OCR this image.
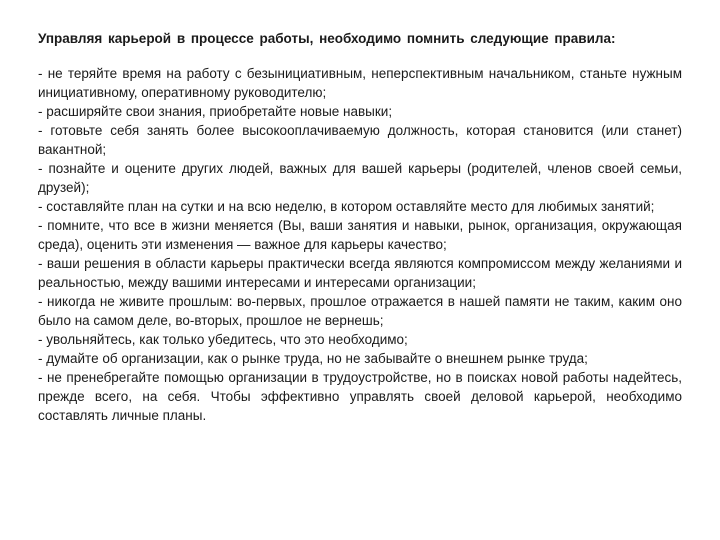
Управляя карьерой в процессе работы, необходимо помнить следующие правила:

- не теряйте время на работу с безынициативным, неперспективным начальником, станьте нужным инициативному, оперативному руководителю;
- расширяйте свои знания, приобретайте новые навыки;
- готовьте себя занять более высокооплачиваемую должность, которая становится (или станет) вакантной;
- познайте и оцените других людей, важных для вашей карьеры (родителей, членов своей семьи, друзей);
- составляйте план на сутки и на всю неделю, в котором оставляйте место для любимых занятий;
- помните, что все в жизни меняется (Вы, ваши занятия и навыки, рынок, организация, окружающая среда), оценить эти изменения — важное для карьеры качество;
- ваши решения в области карьеры практически всегда являются компромиссом между желаниями и реальностью, между вашими интересами и интересами организации;
- никогда не живите прошлым: во-первых, прошлое отражается в нашей памяти не таким, каким оно было на самом деле, во-вторых, прошлое не вернешь;
- увольняйтесь, как только убедитесь, что это необходимо;
- думайте об организации, как о рынке труда, но не забывайте о внешнем рынке труда;
- не пренебрегайте помощью организации в трудоустройстве, но в поисках новой работы надейтесь, прежде всего, на себя. Чтобы эффективно управлять своей деловой карьерой, необходимо составлять личные планы.
